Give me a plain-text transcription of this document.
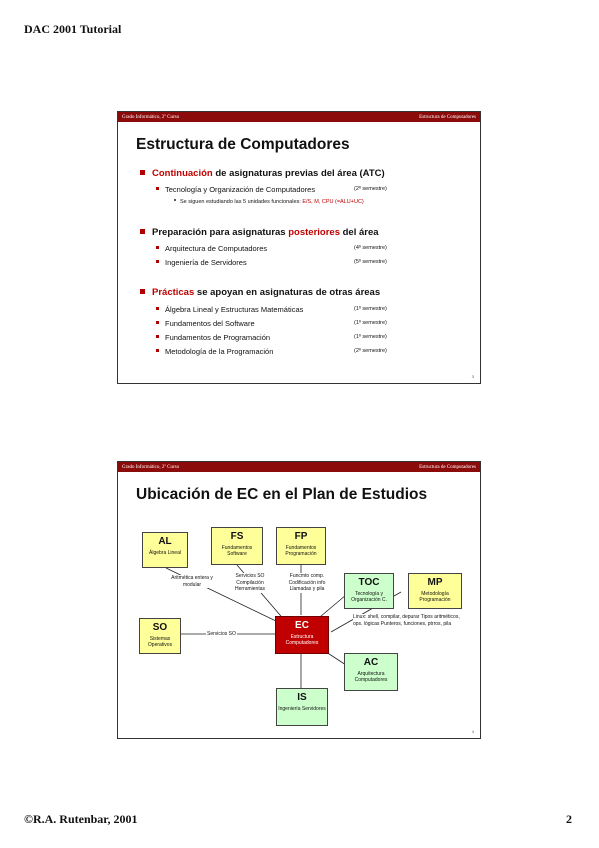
DAC 2001 Tutorial
Grado Informático, 2º Curso	Estructura de Computadores
Estructura de Computadores
Continuación de asignaturas previas del área (ATC)
Tecnología y Organización de Computadores	(2º semestre)
Se siguen estudiando las 5 unidades funcionales: E/S, M, CPU (=ALU+UC)
Preparación para asignaturas posteriores del área
Arquitectura de Computadores	(4º semestre)
Ingeniería de Servidores	(5º semestre)
Prácticas se apoyan en asignaturas de otras áreas
Álgebra Lineal y Estructuras Matemáticas	(1º semestre)
Fundamentos del Software	(1º semestre)
Fundamentos de Programación	(1º semestre)
Metodología de la Programación	(2º semestre)
3
Grado Informático, 2º Curso	Estructura de Computadores
Ubicación de EC en el Plan de Estudios
AL
Álgebra Lineal
FS
Fundamentos Software
FP
Fundamentos Programación
TOC
Tecnología y Organización C.
MP
Metodología Programación
SO
Sistemas Operativos
EC
Estructura Computadores
AC
Arquitectura Computadores
IS
Ingeniería Servidores
Aritmética entera y modular
Servicios SO Compilación Herramientas
Funcmto comp. Codificación info Llamadas y pila
Linux: shell, compilar, depurar Tipos aritméticos, ops. lógicas Punteros, funciones, ptrros, pila
Servicios SO
4
©R.A. Rutenbar, 2001	2
